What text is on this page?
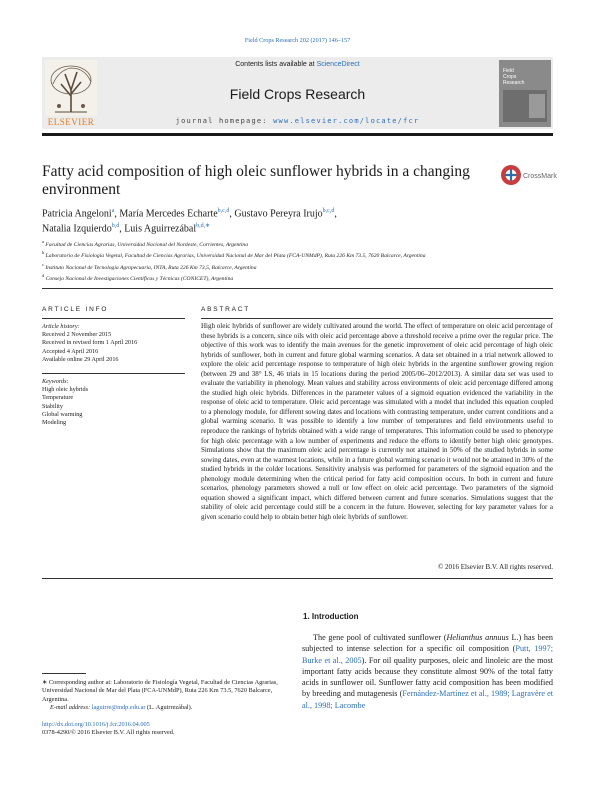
Field Crops Research 202 (2017) 146–157
ELSEVIER
Contents lists available at ScienceDirect
Field Crops Research
journal homepage: www.elsevier.com/locate/fcr
Field
Crops
Research
Fatty acid composition of high oleic sunflower hybrids in a changing environment
CrossMark
Patricia Angeloni$^a$, María Mercedes Echarte$^{b,c,d}$, Gustavo Pereyra Irujo$^{b,c,d}$,
Natalia Izquierdo$^{b,d}$, Luis Aguirrezábal$^{b,d,∗}$
$^a$ Facultad de Ciencias Agrarias, Universidad Nacional del Nordeste, Corrientes, Argentina
$^b$ Laboratorio de Fisiología Vegetal, Facultad de Ciencias Agrarias, Universidad Nacional de Mar del Plata (FCA-UNMdP), Ruta 226 Km 73.5, 7620 Balcarce, Argentina
$^c$ Instituto Nacional de Tecnología Agropecuaria, INTA, Ruta 226 Km 73,5, Balcarce, Argentina
$^d$ Consejo Nacional de Investigaciones Científicas y Técnicas (CONICET), Argentina
ARTICLE INFO
Article history:
Received 2 November 2015
Received in revised form 1 April 2016
Accepted 4 April 2016
Available online 29 April 2016
Keywords:
High oleic hybrids
Temperature
Stability
Global warming
Modeling
ABSTRACT
High oleic hybrids of sunflower are widely cultivated around the world. The effect of temperature on oleic acid percentage of these hybrids is a concern, since oils with oleic acid percentage above a threshold receive a prime over the regular price. The objective of this work was to identify the main avenues for the genetic improvement of oleic acid percentage of high oleic hybrids of sunflower, both in current and future global warming scenarios. A data set obtained in a trial network allowed to explore the oleic acid percentage response to temperature of high oleic hybrids in the argentine sunflower growing region (between 29 and 38° LS, 46 trials in 15 locations during the period 2005/06–2012/2013). A similar data set was used to evaluate the variability in phenology. Mean values and stability across environments of oleic acid percentage differed among the studied high oleic hybrids. Differences in the parameter values of a sigmoid equation evidenced the variability in the response of oleic acid to temperature. Oleic acid percentage was simulated with a model that included this equation coupled to a phenology module, for different sowing dates and locations with contrasting temperature, under current conditions and a global warming scenario. It was possible to identify a low number of temperatures and field environments useful to reproduce the rankings of hybrids obtained with a wide range of temperatures. This information could be used to phenotype for high oleic percentage with a low number of experiments and reduce the efforts to identify better high oleic genotypes. Simulations show that the maximum oleic acid percentage is currently not attained in 50% of the studied hybrids in some sowing dates, even at the warmest locations, while in a future global warming scenario it would not be attained in 30% of the studied hybrids in the colder locations. Sensitivity analysis was performed for parameters of the sigmoid equation and the phenology module determining when the critical period for fatty acid composition occurs. In both in current and future scenarios, phenology parameters showed a null or low effect on oleic acid percentage. Two parameters of the sigmoid equation showed a significant impact, which differed between current and future scenarios. Simulations suggest that the stability of oleic acid percentage could still be a concern in the future. However, selecting for key parameter values for a given scenario could help to obtain better high oleic hybrids of sunflower.
© 2016 Elsevier B.V. All rights reserved.
1. Introduction
The gene pool of cultivated sunflower (Helianthus annuus L.) has been subjected to intense selection for a specific oil composition (Putt, 1997; Burke et al., 2005). For oil quality purposes, oleic and linoleic are the most important fatty acids because they constitute almost 90% of the total fatty acids in sunflower oil. Sunflower fatty acid composition has been modified by breeding and mutagenesis (Fernández-Martínez et al., 1989; Lagravère et al., 1998; Lacombe
∗ Corresponding author at: Laboratorio de Fisiología Vegetal, Facultad de Ciencias Agrarias, Universidad Nacional de Mar del Plata (FCA-UNMdP), Ruta 226 Km 73.5, 7620 Balcarce, Argentina.
E-mail address: laguirre@mdp.edu.ar (L. Aguirrezábal).
http://dx.doi.org/10.1016/j.fcr.2016.04.005
0378-4290/© 2016 Elsevier B.V. All rights reserved.
